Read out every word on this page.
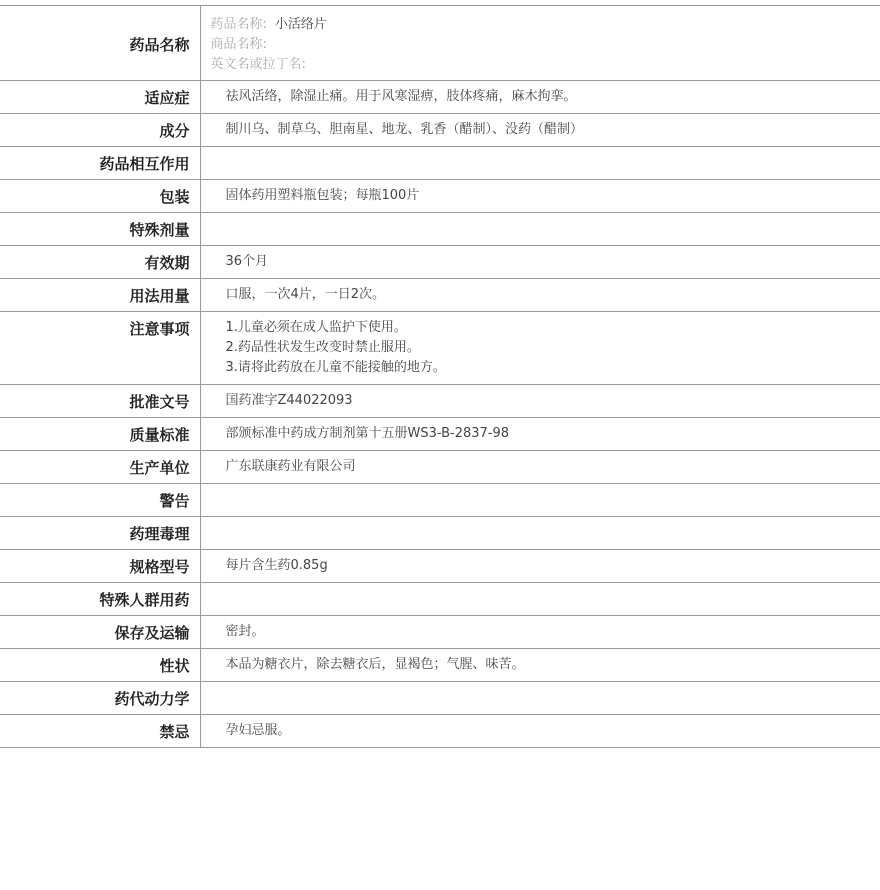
药品名称	药品名称: 小活络片
商品名称:
英文名或拉丁名:

适应症	祛风活络，除湿止痛。用于风寒湿痹，肢体疼痛，麻木拘挛。

成分	制川乌、制草乌、胆南星、地龙、乳香（醋制）、没药（醋制）

药品相互作用	

包装	固体药用塑料瓶包装；每瓶100片

特殊剂量	

有效期	36个月

用法用量	口服，一次4片，一日2次。

注意事项	1.儿童必须在成人监护下使用。
2.药品性状发生改变时禁止服用。
3.请将此药放在儿童不能接触的地方。

批准文号	国药准字Z44022093

质量标准	部颁标准中药成方制剂第十五册WS3-B-2837-98

生产单位	广东联康药业有限公司

警告	

药理毒理	

规格型号	每片含生药0.85g

特殊人群用药	

保存及运输	密封。

性状	本品为糖衣片，除去糖衣后，显褐色；气腥、味苦。

药代动力学	

禁忌	孕妇忌服。
